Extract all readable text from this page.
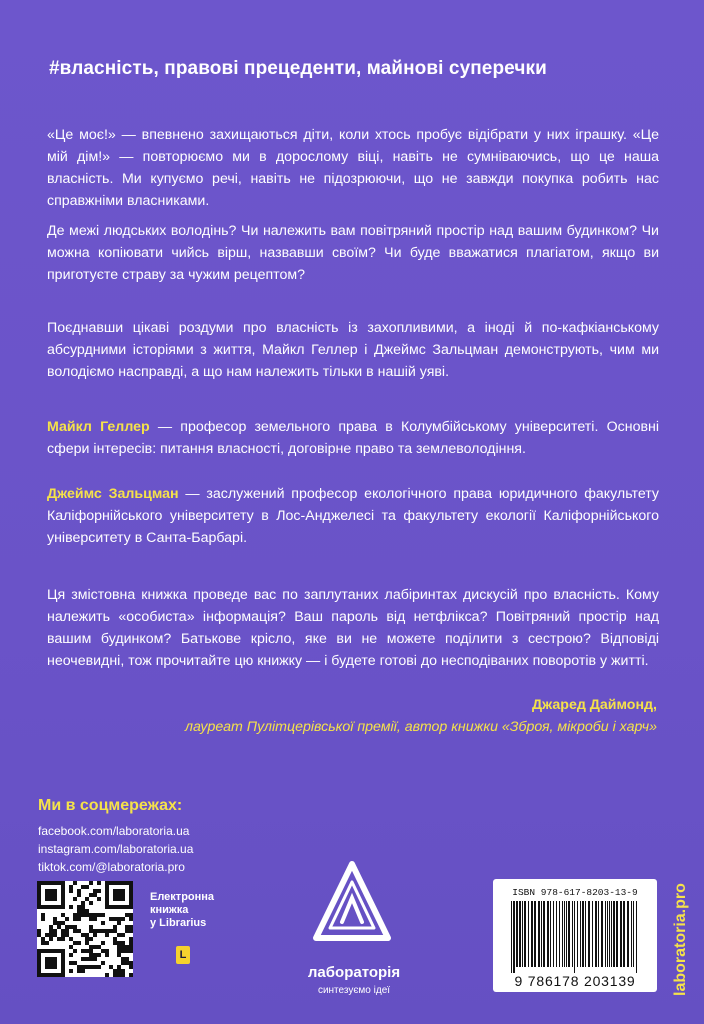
#власність, правові прецеденти, майнові суперечки
«Це моє!» — впевнено захищаються діти, коли хтось пробує відібрати у них іграшку. «Це мій дім!» — повторюємо ми в дорослому віці, навіть не сумніваючись, що це наша власність. Ми купуємо речі, навіть не підозрюючи, що не завжди покупка робить нас справжніми власниками.
Де межі людських володінь? Чи належить вам повітряний простір над вашим будинком? Чи можна копіювати чийсь вірш, назвавши своїм? Чи буде вважатися плагіатом, якщо ви приготуєте страву за чужим рецептом?
Поєднавши цікаві роздуми про власність із захопливими, а іноді й по-кафкіанському абсурдними історіями з життя, Майкл Геллер і Джеймс Зальцман демонструють, чим ми володіємо насправді, а що нам належить тільки в нашій уяві.
Майкл Геллер — професор земельного права в Колумбійському університеті. Основні сфери інтересів: питання власності, договірне право та землеволодіння.
Джеймс Зальцман — заслужений професор екологічного права юридичного факультету Каліфорнійського університету в Лос-Анджелесі та факультету екології Каліфорнійського університету в Санта-Барбарі.
Ця змістовна книжка проведе вас по заплутаних лабіринтах дискусій про власність. Кому належить «особиста» інформація? Ваш пароль від нетфлікса? Повітряний простір над вашим будинком? Батькове крісло, яке ви не можете поділити з сестрою? Відповіді неочевидні, тож прочитайте цю книжку — і будете готові до несподіваних поворотів у житті.
Джаред Даймонд,
лауреат Пулітцерівської премії, автор книжки «Зброя, мікроби і харч»
Ми в соцмережах:
facebook.com/laboratoria.ua
instagram.com/laboratoria.ua
tiktok.com/@laboratoria.pro
Електронна
книжка
у Librarius
L
лабораторія
синтезуємо ідеї
ISBN 978-617-8203-13-9
9 786178 203139	laboratoria.pro
